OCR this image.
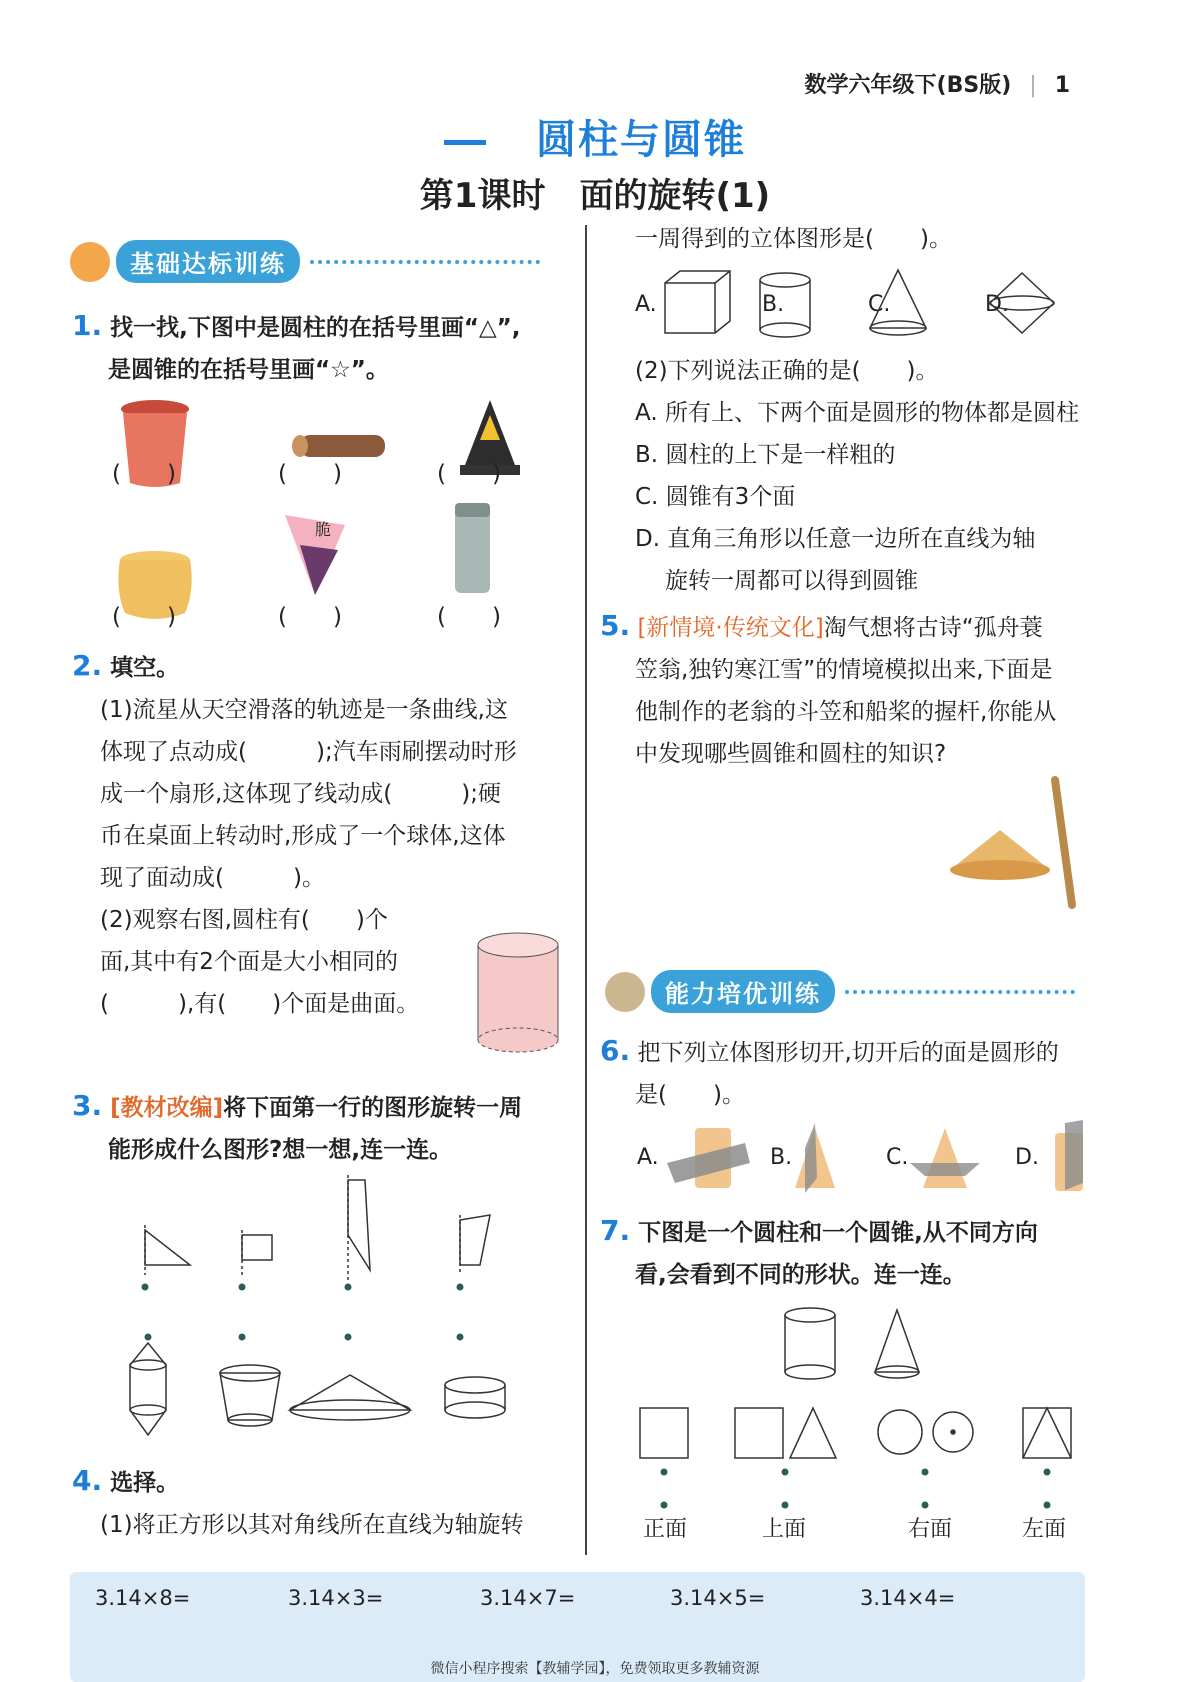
数学六年级下(BS版) | 1
圆柱与圆锥
第1课时　面的旋转(1)
基础达标训练
1. 找一找,下图中是圆柱的在括号里画“△”,
是圆锥的在括号里画“☆”。
脆
(　　)	(　　)	(　　)
(　　)	(　　)	(　　)
2. 填空。
(1)流星从天空滑落的轨迹是一条曲线,这
体现了点动成(　　　);汽车雨刷摆动时形
成一个扇形,这体现了线动成(　　　);硬
币在桌面上转动时,形成了一个球体,这体
现了面动成(　　　)。
(2)观察右图,圆柱有(　　)个
面,其中有2个面是大小相同的
(　　　),有(　　)个面是曲面。
3. [教材改编]将下面第一行的图形旋转一周
能形成什么图形?想一想,连一连。
4. 选择。
(1)将正方形以其对角线所在直线为轴旋转
一周得到的立体图形是(　　)。
A.	B.	C.	D.
(2)下列说法正确的是(　　)。
A. 所有上、下两个面是圆形的物体都是圆柱
B. 圆柱的上下是一样粗的
C. 圆锥有3个面
D. 直角三角形以任意一边所在直线为轴
旋转一周都可以得到圆锥
5. [新情境·传统文化]淘气想将古诗“孤舟蓑
笠翁,独钓寒江雪”的情境模拟出来,下面是
他制作的老翁的斗笠和船桨的握杆,你能从
中发现哪些圆锥和圆柱的知识?
能力培优训练
6. 把下列立体图形切开,切开后的面是圆形的
是(　　)。
A.	B.	C.	D.
7. 下图是一个圆柱和一个圆锥,从不同方向
看,会看到不同的形状。连一连。
正面	上面	右面	左面
3.14×8=	3.14×3=	3.14×7=	3.14×5=	3.14×4=
微信小程序搜索【教辅学园】，免费领取更多教辅资源
